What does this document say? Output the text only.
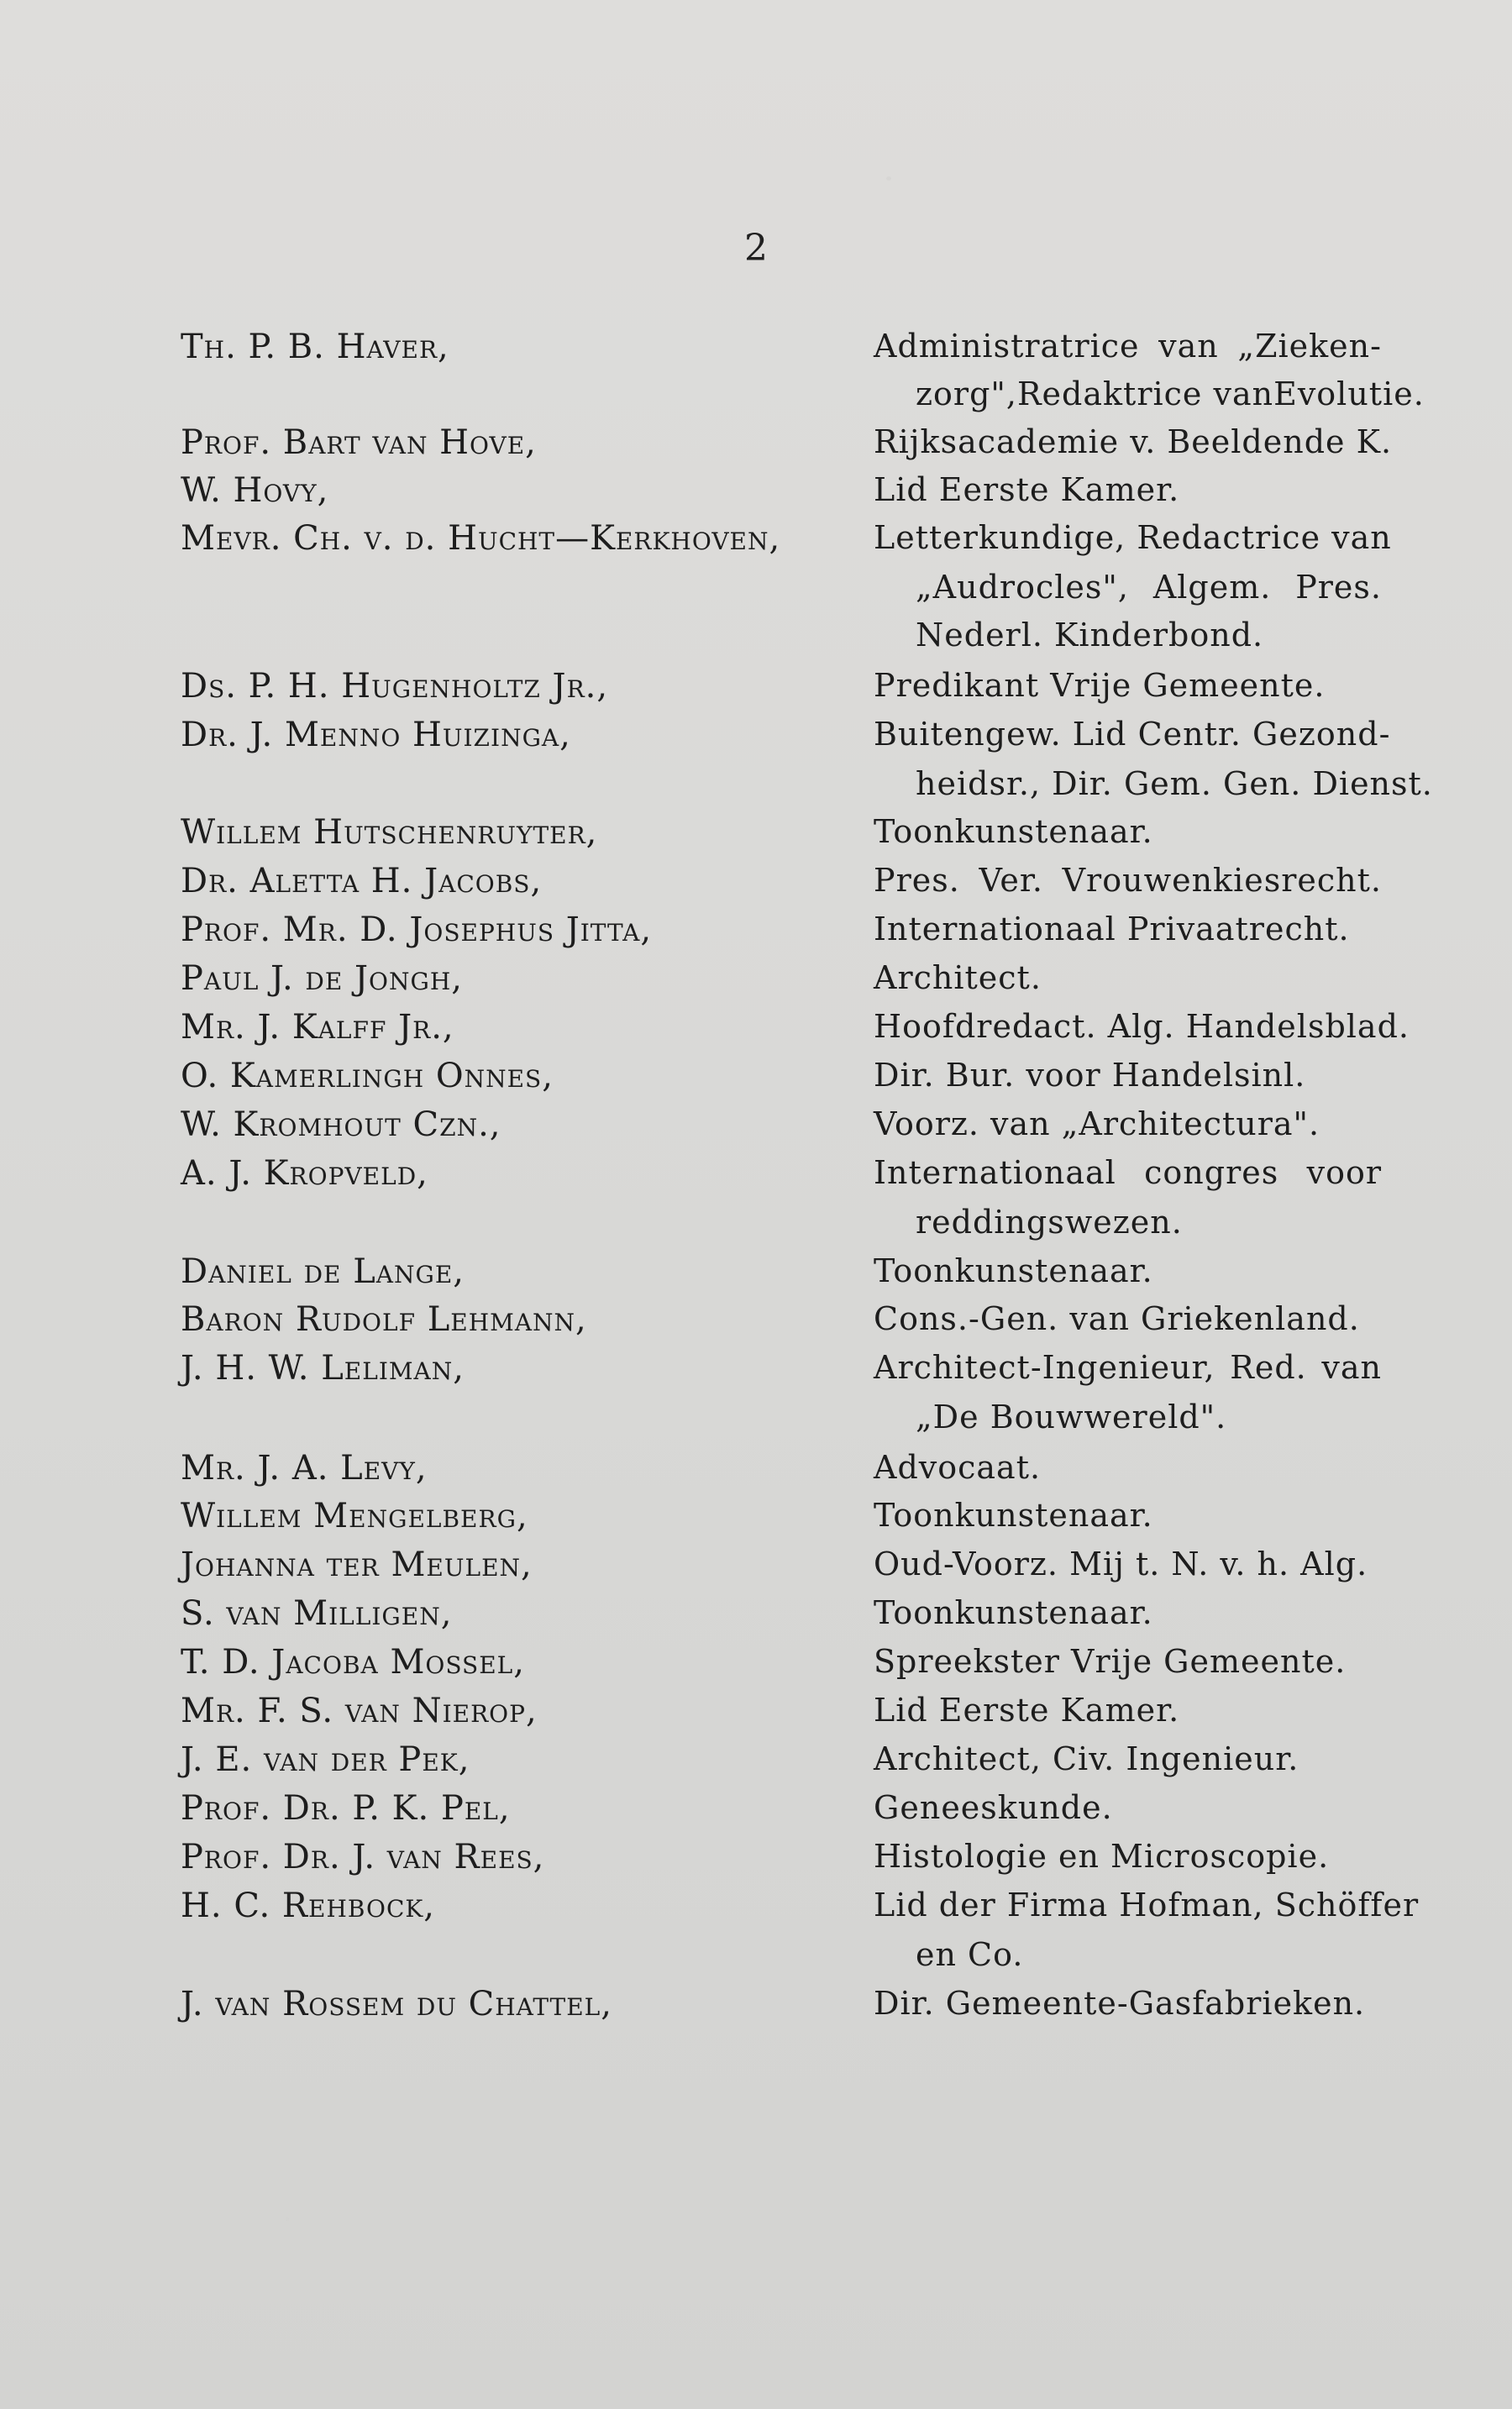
2
Th. P. B. Haver,	Administratrice van „Zieken-
zorg",Redaktrice vanEvolutie.
Prof. Bart van Hove,	Rijksacademie v. Beeldende K.
W. Hovy,	Lid Eerste Kamer.
Mevr. Ch. v. d. Hucht—Kerkhoven,	Letterkundige, Redactrice van
„Audrocles", Algem. Pres.
Nederl. Kinderbond.
Ds. P. H. Hugenholtz Jr.,	Predikant Vrije Gemeente.
Dr. J. Menno Huizinga,	Buitengew. Lid Centr. Gezond-
heidsr., Dir. Gem. Gen. Dienst.
Willem Hutschenruyter,	Toonkunstenaar.
Dr. Aletta H. Jacobs,	Pres. Ver. Vrouwenkiesrecht.
Prof. Mr. D. Josephus Jitta,	Internationaal Privaatrecht.
Paul J. de Jongh,	Architect.
Mr. J. Kalff Jr.,	Hoofdredact. Alg. Handelsblad.
O. Kamerlingh Onnes,	Dir. Bur. voor Handelsinl.
W. Kromhout Czn.,	Voorz. van „Architectura".
A. J. Kropveld,	Internationaal congres voor
reddingswezen.
Daniel de Lange,	Toonkunstenaar.
Baron Rudolf Lehmann,	Cons.-Gen. van Griekenland.
J. H. W. Leliman,	Architect-Ingenieur, Red. van
„De Bouwwereld".
Mr. J. A. Levy,	Advocaat.
Willem Mengelberg,	Toonkunstenaar.
Johanna ter Meulen,	Oud-Voorz. Mij t. N. v. h. Alg.
S. van Milligen,	Toonkunstenaar.
T. D. Jacoba Mossel,	Spreekster Vrije Gemeente.
Mr. F. S. van Nierop,	Lid Eerste Kamer.
J. E. van der Pek,	Architect, Civ. Ingenieur.
Prof. Dr. P. K. Pel,	Geneeskunde.
Prof. Dr. J. van Rees,	Histologie en Microscopie.
H. C. Rehbock,	Lid der Firma Hofman, Schöffer
en Co.
J. van Rossem du Chattel,	Dir. Gemeente-Gasfabrieken.
